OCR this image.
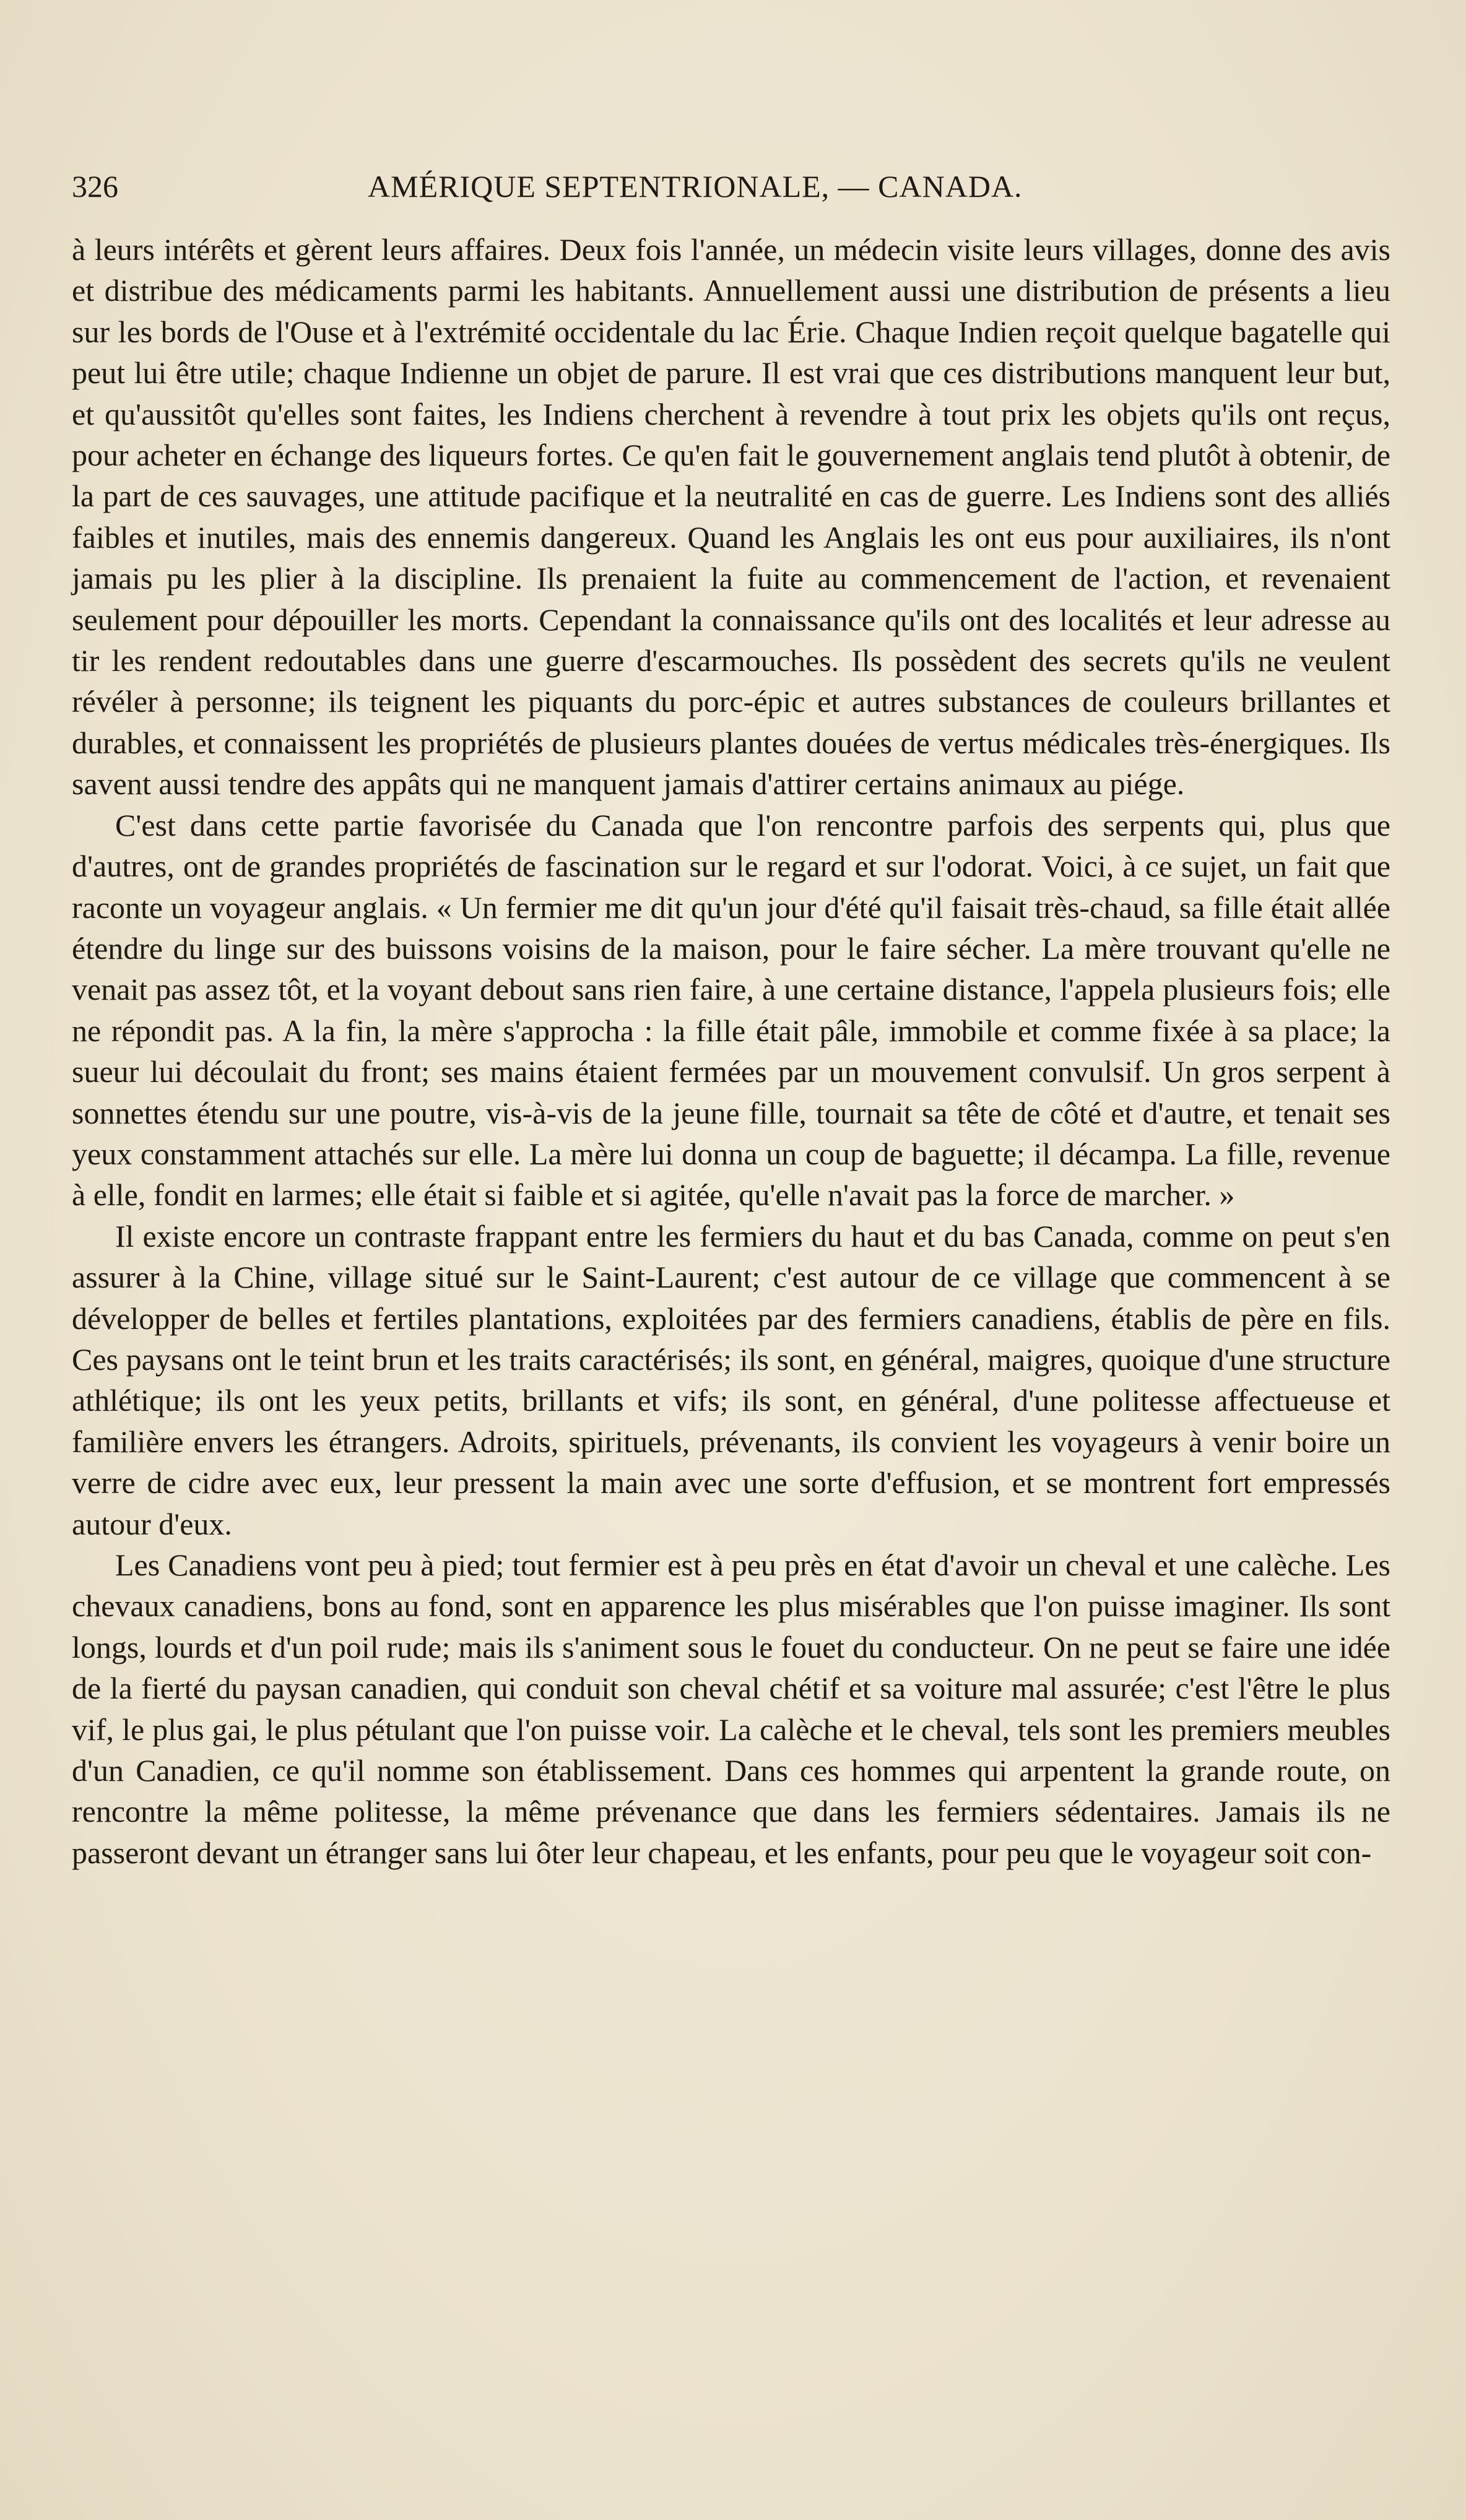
326	AMÉRIQUE SEPTENTRIONALE, — CANADA.

à leurs intérêts et gèrent leurs affaires. Deux fois l'année, un médecin visite leurs villages, donne des avis et distribue des médicaments parmi les habitants. Annuellement aussi une distribution de présents a lieu sur les bords de l'Ouse et à l'extrémité occidentale du lac Érie. Chaque Indien reçoit quelque bagatelle qui peut lui être utile; chaque Indienne un objet de parure. Il est vrai que ces distributions manquent leur but, et qu'aussitôt qu'elles sont faites, les Indiens cherchent à revendre à tout prix les objets qu'ils ont reçus, pour acheter en échange des liqueurs fortes. Ce qu'en fait le gouvernement anglais tend plutôt à obtenir, de la part de ces sauvages, une attitude pacifique et la neutralité en cas de guerre. Les Indiens sont des alliés faibles et inutiles, mais des ennemis dangereux. Quand les Anglais les ont eus pour auxiliaires, ils n'ont jamais pu les plier à la discipline. Ils prenaient la fuite au commencement de l'action, et revenaient seulement pour dépouiller les morts. Cependant la connaissance qu'ils ont des localités et leur adresse au tir les rendent redoutables dans une guerre d'escarmouches. Ils possèdent des secrets qu'ils ne veulent révéler à personne; ils teignent les piquants du porc-épic et autres substances de couleurs brillantes et durables, et connaissent les propriétés de plusieurs plantes douées de vertus médicales très-énergiques. Ils savent aussi tendre des appâts qui ne manquent jamais d'attirer certains animaux au piége.

C'est dans cette partie favorisée du Canada que l'on rencontre parfois des serpents qui, plus que d'autres, ont de grandes propriétés de fascination sur le regard et sur l'odorat. Voici, à ce sujet, un fait que raconte un voyageur anglais. « Un fermier me dit qu'un jour d'été qu'il faisait très-chaud, sa fille était allée étendre du linge sur des buissons voisins de la maison, pour le faire sécher. La mère trouvant qu'elle ne venait pas assez tôt, et la voyant debout sans rien faire, à une certaine distance, l'appela plusieurs fois; elle ne répondit pas. A la fin, la mère s'approcha : la fille était pâle, immobile et comme fixée à sa place; la sueur lui découlait du front; ses mains étaient fermées par un mouvement convulsif. Un gros serpent à sonnettes étendu sur une poutre, vis-à-vis de la jeune fille, tournait sa tête de côté et d'autre, et tenait ses yeux constamment attachés sur elle. La mère lui donna un coup de baguette; il décampa. La fille, revenue à elle, fondit en larmes; elle était si faible et si agitée, qu'elle n'avait pas la force de marcher. »

Il existe encore un contraste frappant entre les fermiers du haut et du bas Canada, comme on peut s'en assurer à la Chine, village situé sur le Saint-Laurent; c'est autour de ce village que commencent à se développer de belles et fertiles plantations, exploitées par des fermiers canadiens, établis de père en fils. Ces paysans ont le teint brun et les traits caractérisés; ils sont, en général, maigres, quoique d'une structure athlétique; ils ont les yeux petits, brillants et vifs; ils sont, en général, d'une politesse affectueuse et familière envers les étrangers. Adroits, spirituels, prévenants, ils convient les voyageurs à venir boire un verre de cidre avec eux, leur pressent la main avec une sorte d'effusion, et se montrent fort empressés autour d'eux.

Les Canadiens vont peu à pied; tout fermier est à peu près en état d'avoir un cheval et une calèche. Les chevaux canadiens, bons au fond, sont en apparence les plus misérables que l'on puisse imaginer. Ils sont longs, lourds et d'un poil rude; mais ils s'animent sous le fouet du conducteur. On ne peut se faire une idée de la fierté du paysan canadien, qui conduit son cheval chétif et sa voiture mal assurée; c'est l'être le plus vif, le plus gai, le plus pétulant que l'on puisse voir. La calèche et le cheval, tels sont les premiers meubles d'un Canadien, ce qu'il nomme son établissement. Dans ces hommes qui arpentent la grande route, on rencontre la même politesse, la même prévenance que dans les fermiers sédentaires. Jamais ils ne passeront devant un étranger sans lui ôter leur chapeau, et les enfants, pour peu que le voyageur soit con-
